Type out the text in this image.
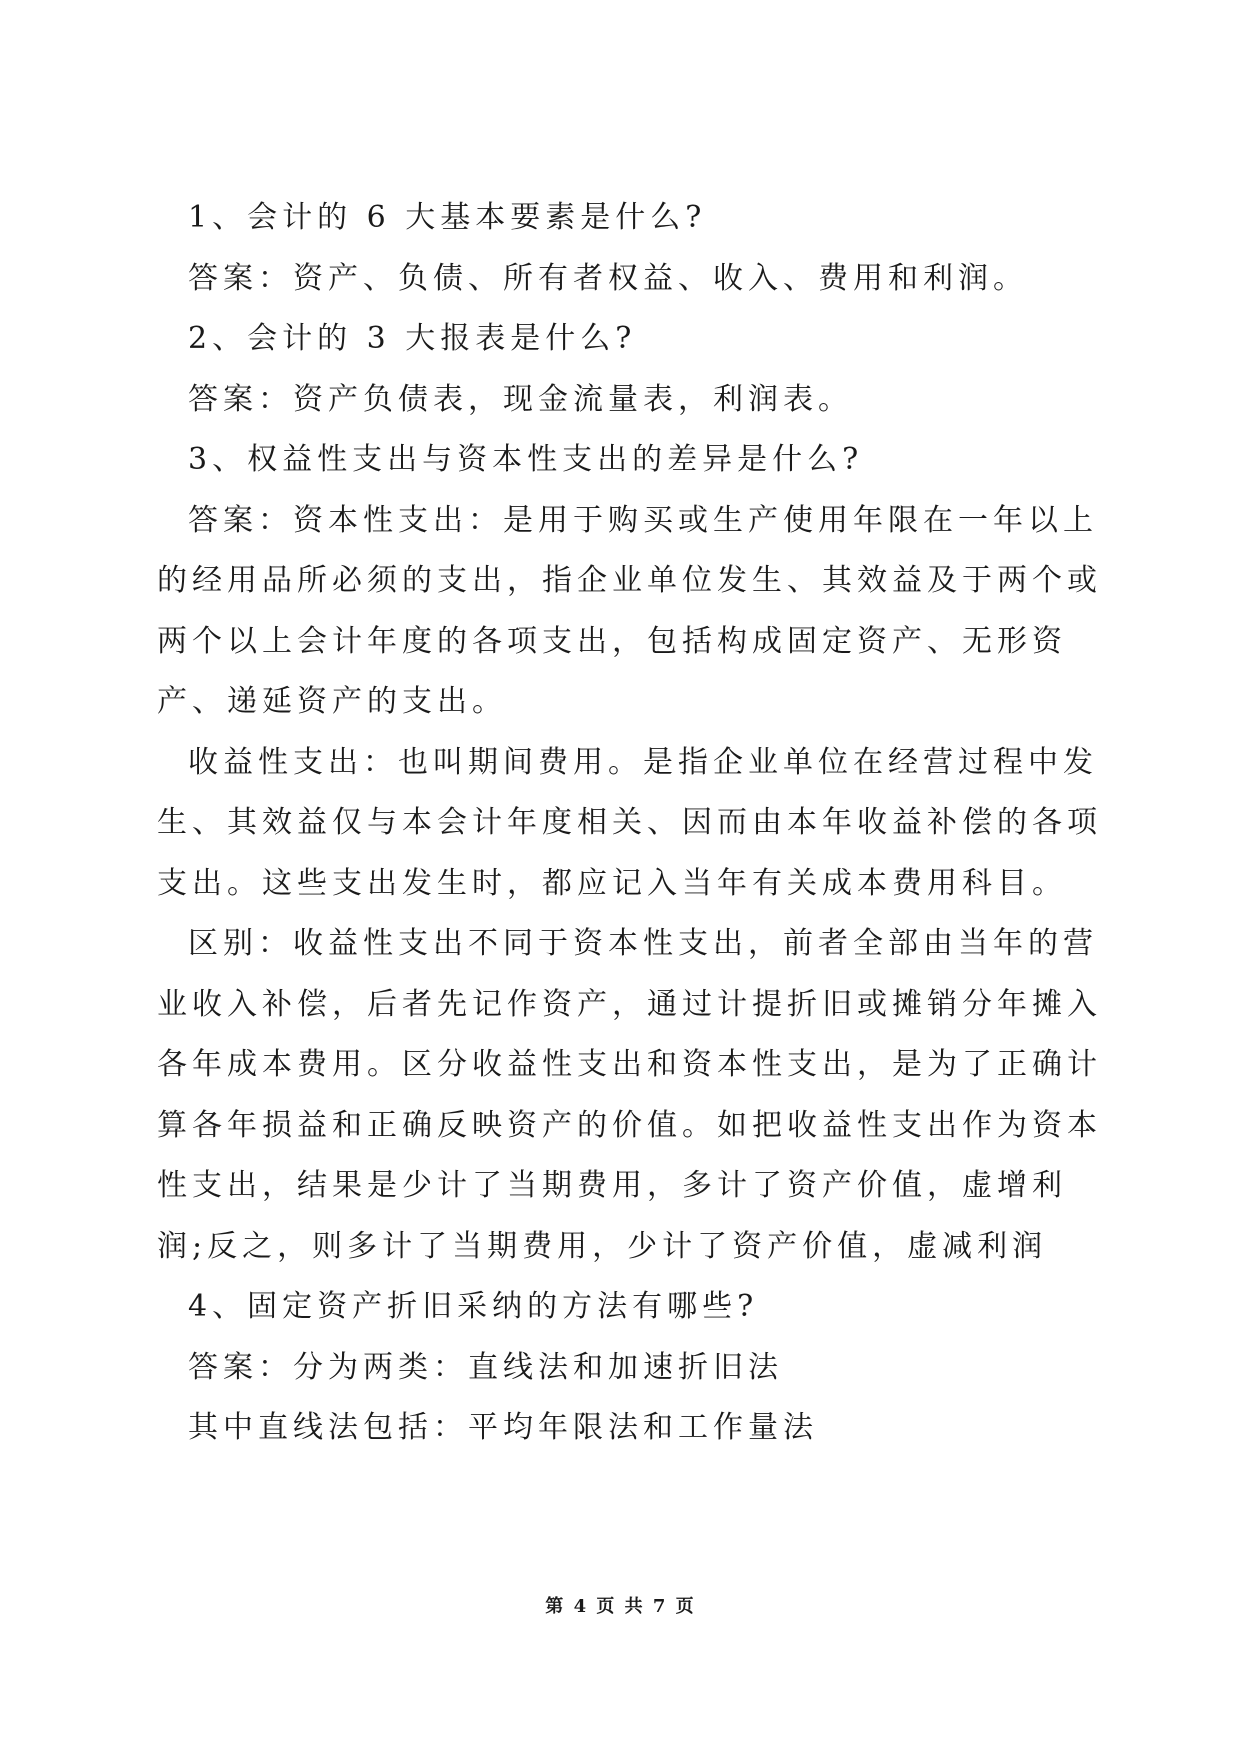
1、会计的 6 大基本要素是什么?

答案：资产、负债、所有者权益、收入、费用和利润。

2、会计的 3 大报表是什么?

答案：资产负债表，现金流量表，利润表。

3、权益性支出与资本性支出的差异是什么?

答案：资本性支出：是用于购买或生产使用年限在一年以上的经用品所必须的支出，指企业单位发生、其效益及于两个或两个以上会计年度的各项支出，包括构成固定资产、无形资产、递延资产的支出。

收益性支出：也叫期间费用。是指企业单位在经营过程中发生、其效益仅与本会计年度相关、因而由本年收益补偿的各项支出。这些支出发生时，都应记入当年有关成本费用科目。

区别：收益性支出不同于资本性支出，前者全部由当年的营业收入补偿，后者先记作资产，通过计提折旧或摊销分年摊入各年成本费用。区分收益性支出和资本性支出，是为了正确计算各年损益和正确反映资产的价值。如把收益性支出作为资本性支出，结果是少计了当期费用，多计了资产价值，虚增利润;反之，则多计了当期费用，少计了资产价值，虚减利润

4、固定资产折旧采纳的方法有哪些?

答案：分为两类：直线法和加速折旧法

其中直线法包括：平均年限法和工作量法

第 4 页 共 7 页
